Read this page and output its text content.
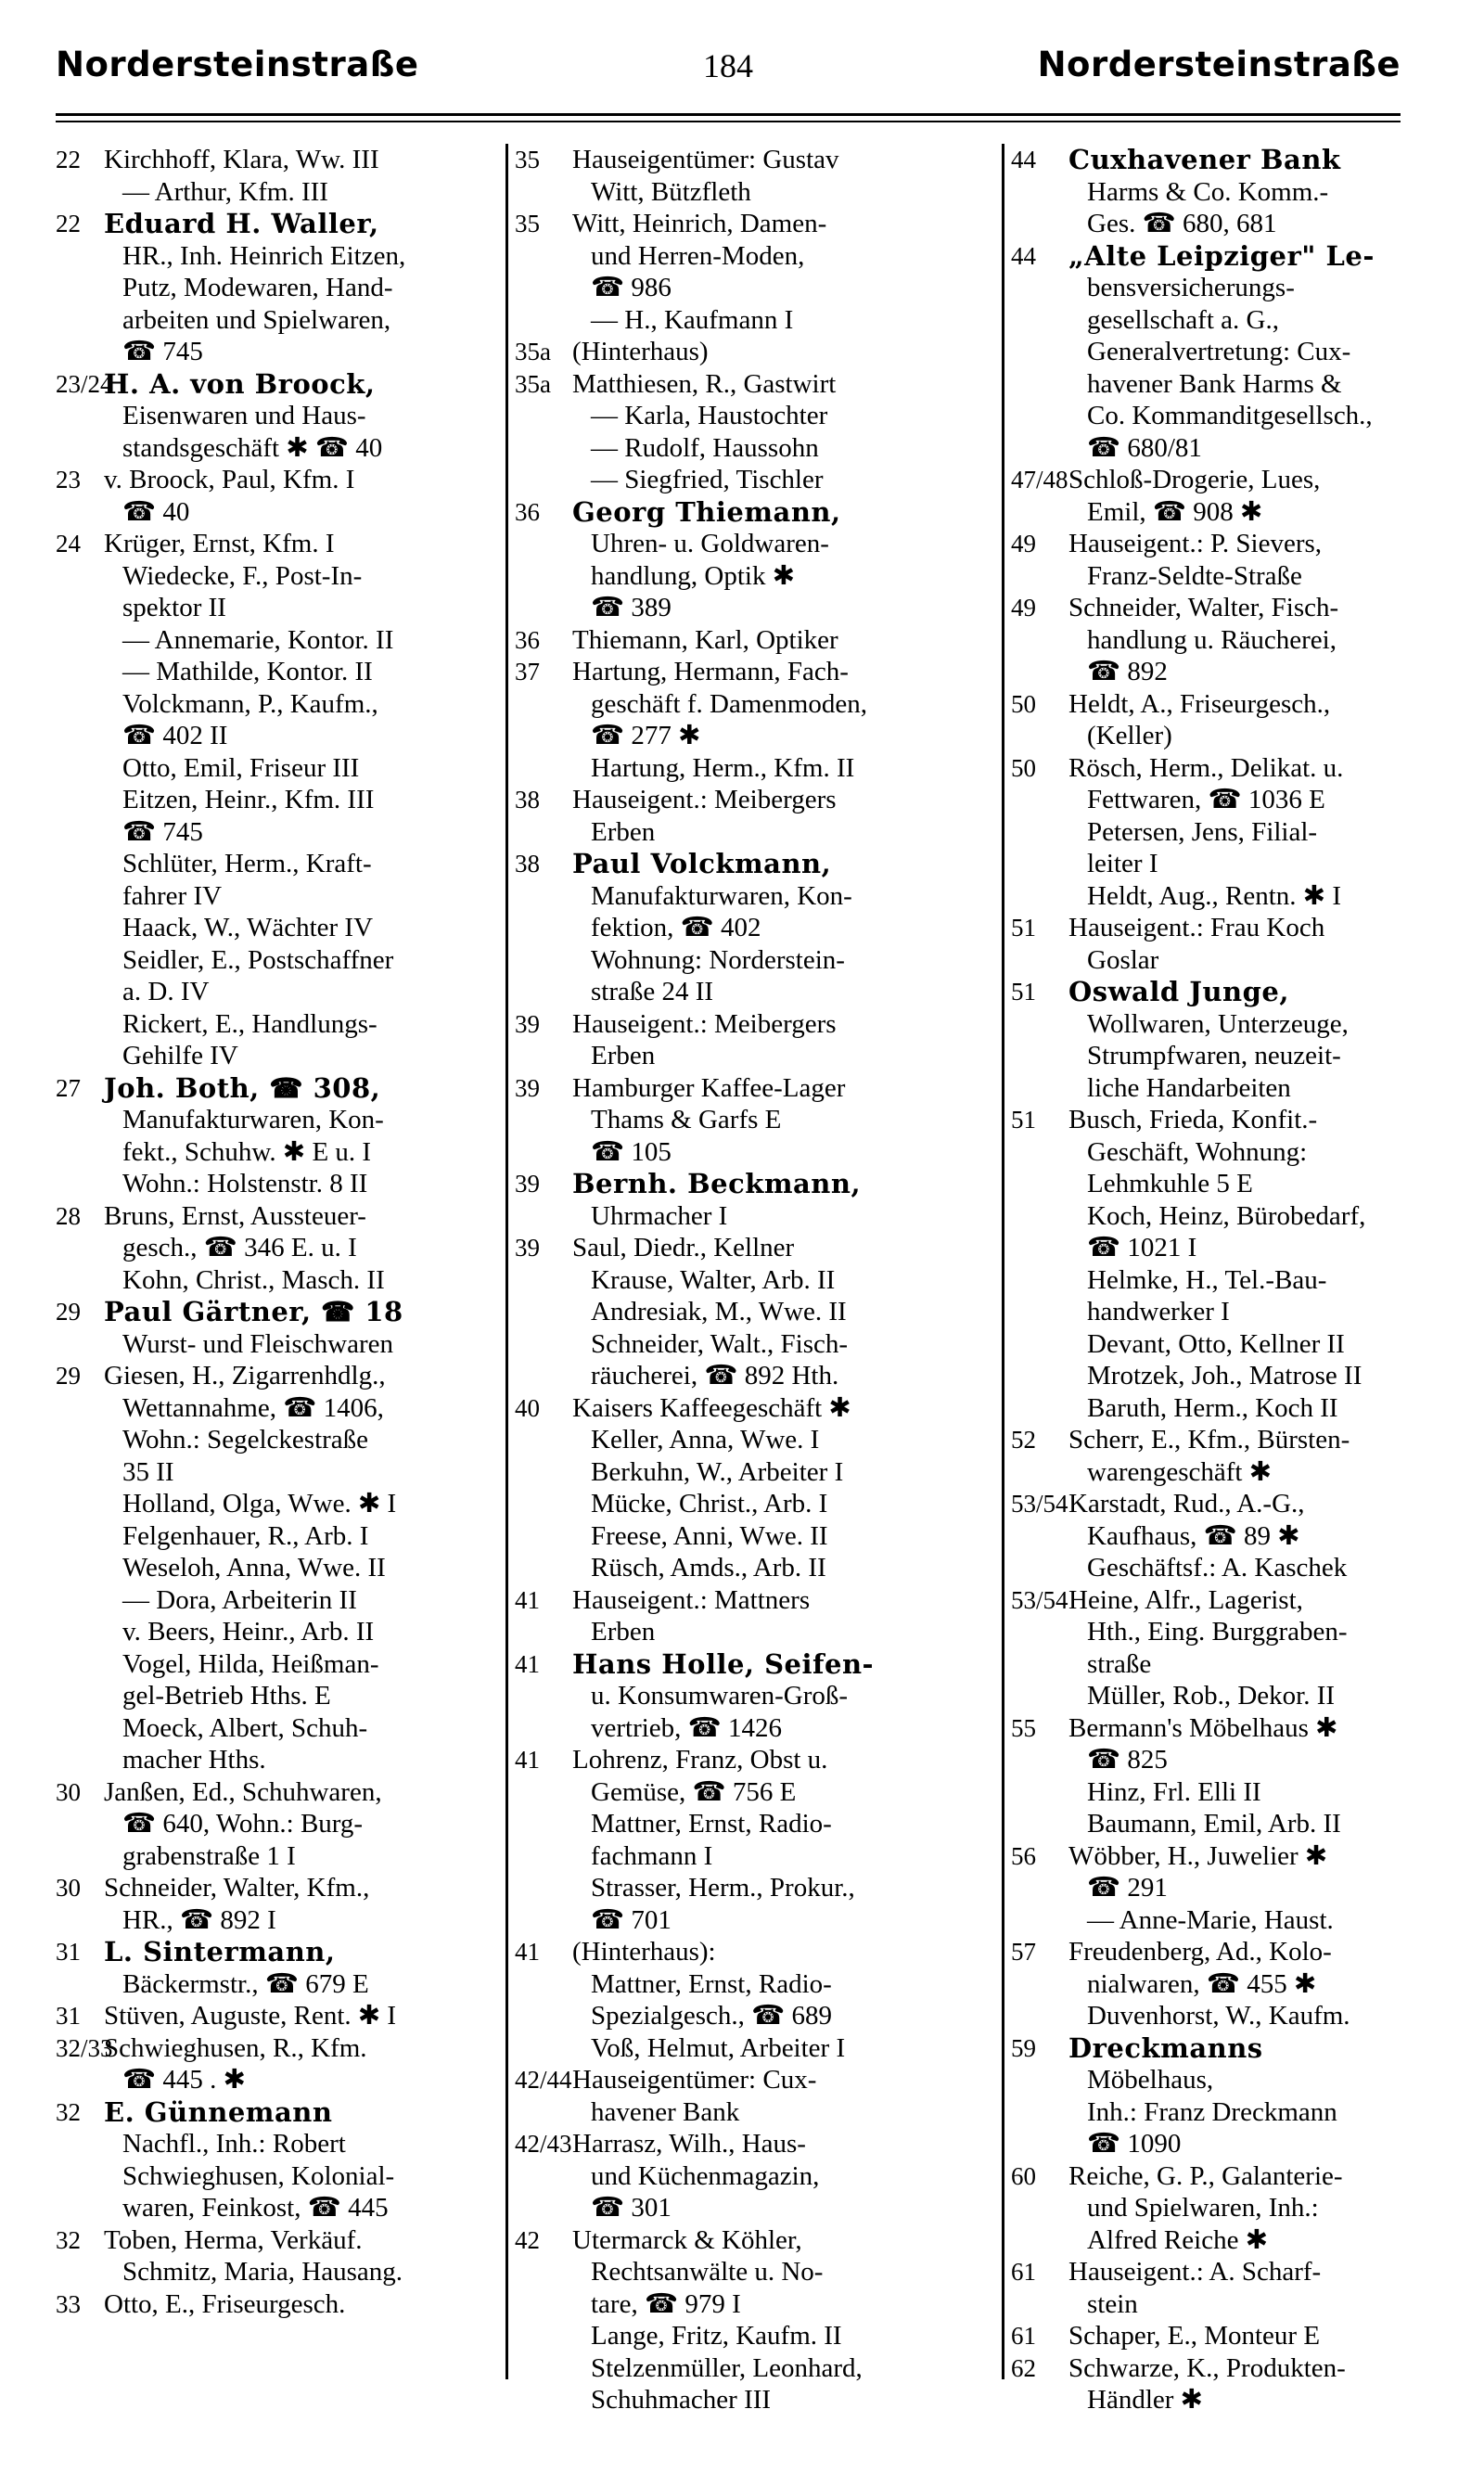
Nordersteinstraße	184	Nordersteinstraße
22 Kirchhoff, Klara, Ww. III
— Arthur, Kfm. III
22 Eduard H. Waller,
HR., Inh. Heinrich Eitzen,
Putz, Modewaren, Hand-
arbeiten und Spielwaren,
☎ 745
23/24
H. A. von Broock,
Eisenwaren und Haus-
standsgeschäft ✱ ☎ 40
23 v. Broock, Paul, Kfm. I
☎ 40
24 Krüger, Ernst, Kfm. I
Wiedecke, F., Post-In-
spektor II
— Annemarie, Kontor. II
— Mathilde, Kontor. II
Volckmann, P., Kaufm.,
☎ 402 II
Otto, Emil, Friseur III
Eitzen, Heinr., Kfm. III
☎ 745
Schlüter, Herm., Kraft-
fahrer IV
Haack, W., Wächter IV
Seidler, E., Postschaffner
a. D. IV
Rickert, E., Handlungs-
Gehilfe IV
27 Joh. Both, ☎ 308,
Manufakturwaren, Kon-
fekt., Schuhw. ✱ E u. I
Wohn.: Holstenstr. 8 II
28 Bruns, Ernst, Aussteuer-
gesch., ☎ 346 E. u. I
Kohn, Christ., Masch. II
29 Paul Gärtner, ☎ 18
Wurst- und Fleischwaren
29 Giesen, H., Zigarrenhdlg.,
Wettannahme, ☎ 1406,
Wohn.: Segelckestraße
35 II
Holland, Olga, Wwe. ✱ I
Felgenhauer, R., Arb. I
Weseloh, Anna, Wwe. II
— Dora, Arbeiterin II
v. Beers, Heinr., Arb. II
Vogel, Hilda, Heißman-
gel-Betrieb Hths. E
Moeck, Albert, Schuh-
macher Hths.
30 Janßen, Ed., Schuhwaren,
☎ 640, Wohn.: Burg-
grabenstraße 1 I
30 Schneider, Walter, Kfm.,
HR., ☎ 892 I
31 L. Sintermann,
Bäckermstr., ☎ 679 E
31 Stüven, Auguste, Rent. ✱ I
32/33
Schwieghusen, R., Kfm.
☎ 445 . ✱
32 E. Günnemann
Nachfl., Inh.: Robert
Schwieghusen, Kolonial-
waren, Feinkost, ☎ 445
32 Toben, Herma, Verkäuf.
Schmitz, Maria, Hausang.
33 Otto, E., Friseurgesch.
35 Hauseigentümer: Gustav
Witt, Bützfleth
35 Witt, Heinrich, Damen-
und Herren-Moden,
☎ 986
— H., Kaufmann I
35a (Hinterhaus)
35a Matthiesen, R., Gastwirt
— Karla, Haustochter
— Rudolf, Haussohn
— Siegfried, Tischler
36 Georg Thiemann,
Uhren- u. Goldwaren-
handlung, Optik ✱
☎ 389
36 Thiemann, Karl, Optiker
37 Hartung, Hermann, Fach-
geschäft f. Damenmoden,
☎ 277 ✱
Hartung, Herm., Kfm. II
38 Hauseigent.: Meibergers
Erben
38 Paul Volckmann,
Manufakturwaren, Kon-
fektion, ☎ 402
Wohnung: Norderstein-
straße 24 II
39 Hauseigent.: Meibergers
Erben
39 Hamburger Kaffee-Lager
Thams & Garfs E
☎ 105
39 Bernh. Beckmann,
Uhrmacher I
39 Saul, Diedr., Kellner
Krause, Walter, Arb. II
Andresiak, M., Wwe. II
Schneider, Walt., Fisch-
räucherei, ☎ 892 Hth.
40 Kaisers Kaffeegeschäft ✱
Keller, Anna, Wwe. I
Berkuhn, W., Arbeiter I
Mücke, Christ., Arb. I
Freese, Anni, Wwe. II
Rüsch, Amds., Arb. II
41 Hauseigent.: Mattners
Erben
41 Hans Holle, Seifen-
u. Konsumwaren-Groß-
vertrieb, ☎ 1426
41 Lohrenz, Franz, Obst u.
Gemüse, ☎ 756 E
Mattner, Ernst, Radio-
fachmann I
Strasser, Herm., Prokur.,
☎ 701
41 (Hinterhaus):
Mattner, Ernst, Radio-
Spezialgesch., ☎ 689
Voß, Helmut, Arbeiter I
42/44 Hauseigentümer: Cux-
havener Bank
42/43 Harrasz, Wilh., Haus-
und Küchenmagazin,
☎ 301
42 Utermarck & Köhler,
Rechtsanwälte u. No-
tare, ☎ 979 I
Lange, Fritz, Kaufm. II
Stelzenmüller, Leonhard,
Schuhmacher III
44 Cuxhavener Bank
Harms & Co. Komm.-
Ges. ☎ 680, 681
44 „Alte Leipziger" Le-
bensversicherungs-
gesellschaft a. G.,
Generalvertretung: Cux-
havener Bank Harms &
Co. Kommanditgesellsch.,
☎ 680/81
47/48 Schloß-Drogerie, Lues,
Emil, ☎ 908 ✱
49 Hauseigent.: P. Sievers,
Franz-Seldte-Straße
49 Schneider, Walter, Fisch-
handlung u. Räucherei,
☎ 892
50 Heldt, A., Friseurgesch.,
(Keller)
50 Rösch, Herm., Delikat. u.
Fettwaren, ☎ 1036 E
Petersen, Jens, Filial-
leiter I
Heldt, Aug., Rentn. ✱ I
51 Hauseigent.: Frau Koch
Goslar
51 Oswald Junge,
Wollwaren, Unterzeuge,
Strumpfwaren, neuzeit-
liche Handarbeiten
51 Busch, Frieda, Konfit.-
Geschäft, Wohnung:
Lehmkuhle 5 E
Koch, Heinz, Bürobedarf,
☎ 1021 I
Helmke, H., Tel.-Bau-
handwerker I
Devant, Otto, Kellner II
Mrotzek, Joh., Matrose II
Baruth, Herm., Koch II
52 Scherr, E., Kfm., Bürsten-
warengeschäft ✱
53/54 Karstadt, Rud., A.-G.,
Kaufhaus, ☎ 89 ✱
Geschäftsf.: A. Kaschek
53/54 Heine, Alfr., Lagerist,
Hth., Eing. Burggraben-
straße
Müller, Rob., Dekor. II
55 Bermann's Möbelhaus ✱
☎ 825
Hinz, Frl. Elli II
Baumann, Emil, Arb. II
56 Wöbber, H., Juwelier ✱
☎ 291
— Anne-Marie, Haust.
57 Freudenberg, Ad., Kolo-
nialwaren, ☎ 455 ✱
Duvenhorst, W., Kaufm.
59 Dreckmanns
Möbelhaus,
Inh.: Franz Dreckmann
☎ 1090
60 Reiche, G. P., Galanterie-
und Spielwaren, Inh.:
Alfred Reiche ✱
61 Hauseigent.: A. Scharf-
stein
61 Schaper, E., Monteur E
62 Schwarze, K., Produkten-
Händler ✱
